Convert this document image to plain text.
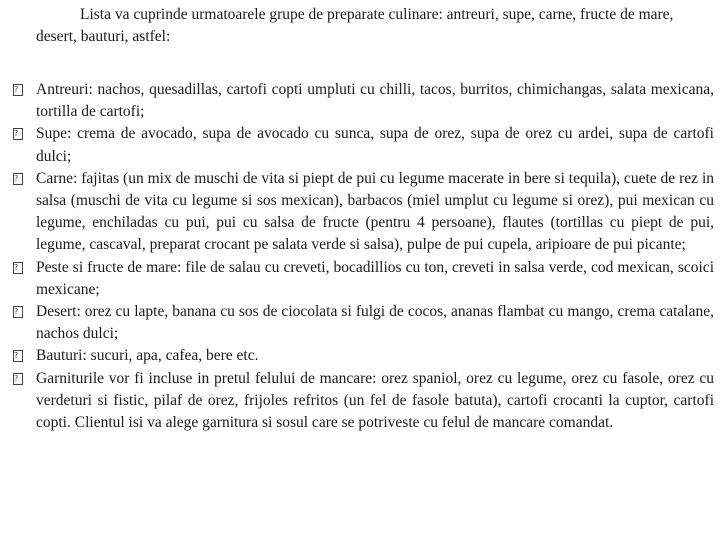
Lista va cuprinde urmatoarele grupe de preparate culinare: antreuri, supe, carne, fructe de mare, desert, bauturi, astfel:

?
Antreuri: nachos, quesadillas, cartofi copti umpluti cu chilli, tacos, burritos, chimichangas, salata mexicana, tortilla de cartofi;
?
Supe: crema de avocado, supa de avocado cu sunca, supa de orez, supa de orez cu ardei, supa de cartofi dulci;
?
Carne: fajitas (un mix de muschi de vita si piept de pui cu legume macerate in bere si tequila), cuete de rez in salsa (muschi de vita cu legume si sos mexican), barbacos (miel umplut cu legume si orez), pui mexican cu legume, enchiladas cu pui, pui cu salsa de fructe (pentru 4 persoane), flautes (tortillas cu piept de pui, legume, cascaval, preparat crocant pe salata verde si salsa), pulpe de pui cupela, aripioare de pui picante;
?
Peste si fructe de mare: file de salau cu creveti, bocadillios cu ton, creveti in salsa verde, cod mexican, scoici mexicane;
?
Desert: orez cu lapte, banana cu sos de ciocolata si fulgi de cocos, ananas flambat cu mango, crema catalane, nachos dulci;
?
Bauturi: sucuri, apa, cafea, bere etc.
?
Garniturile vor fi incluse in pretul felului de mancare: orez spaniol, orez cu legume, orez cu fasole, orez cu verdeturi si fistic, pilaf de orez, frijoles refritos (un fel de fasole batuta), cartofi crocanti la cuptor, cartofi copti. Clientul isi va alege garnitura si sosul care se potriveste cu felul de mancare comandat.
